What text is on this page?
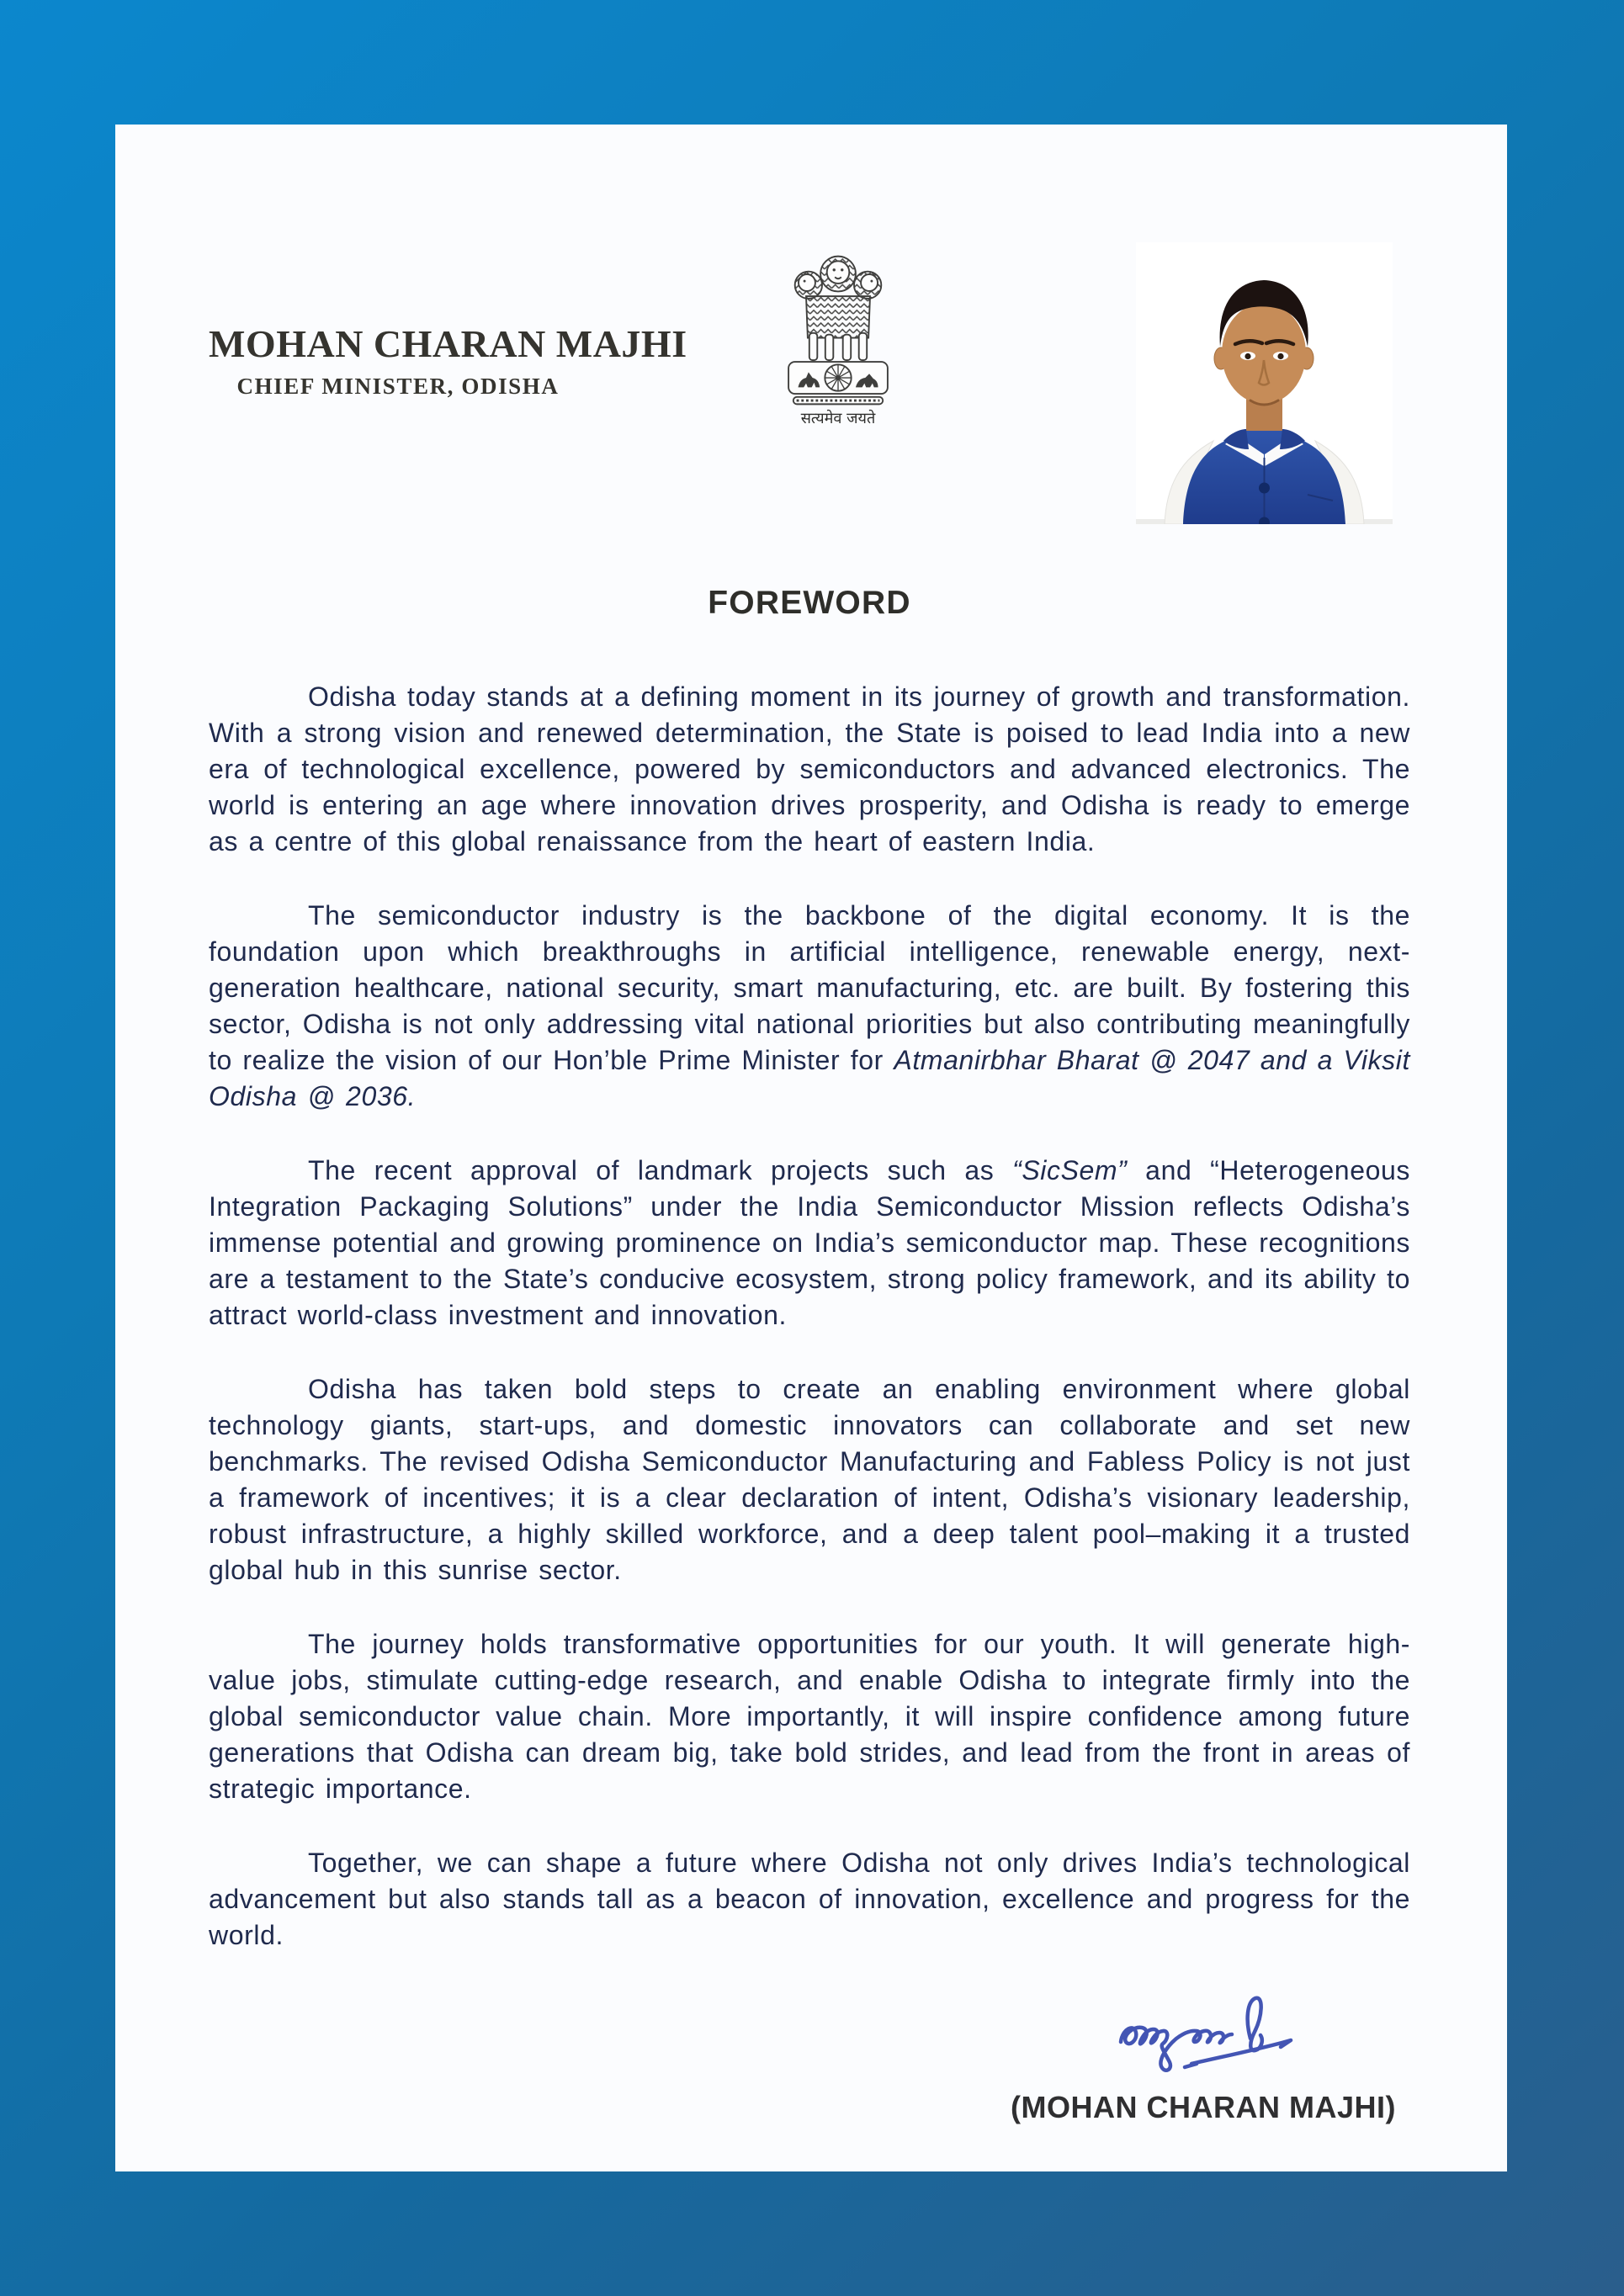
MOHAN CHARAN MAJHI
CHIEF MINISTER, ODISHA
सत्यमेव जयते
FOREWORD

Odisha today stands at a defining moment in its journey of growth and transformation. With a strong vision and renewed determination, the State is poised to lead India into a new era of technological excellence, powered by semiconductors and advanced electronics. The world is entering an age where innovation drives prosperity, and Odisha is ready to emerge as a centre of this global renaissance from the heart of eastern India.

The semiconductor industry is the backbone of the digital economy. It is the foundation upon which breakthroughs in artificial intelligence, renewable energy, next-generation healthcare, national security, smart manufacturing, etc. are built. By fostering this sector, Odisha is not only addressing vital national priorities but also contributing meaningfully to realize the vision of our Hon’ble Prime Minister for Atmanirbhar Bharat @ 2047 and a Viksit Odisha @ 2036.

The recent approval of landmark projects such as “SicSem” and “Heterogeneous Integration Packaging Solutions” under the India Semiconductor Mission reflects Odisha’s immense potential and growing prominence on India’s semiconductor map. These recognitions are a testament to the State’s conducive ecosystem, strong policy framework, and its ability to attract world-class investment and innovation.

Odisha has taken bold steps to create an enabling environment where global technology giants, start-ups, and domestic innovators can collaborate and set new benchmarks. The revised Odisha Semiconductor Manufacturing and Fabless Policy is not just a framework of incentives; it is a clear declaration of intent, Odisha’s visionary leadership, robust infrastructure, a highly skilled workforce, and a deep talent pool–making it a trusted global hub in this sunrise sector.

The journey holds transformative opportunities for our youth. It will generate high-value jobs, stimulate cutting-edge research, and enable Odisha to integrate firmly into the global semiconductor value chain. More importantly, it will inspire confidence among future generations that Odisha can dream big, take bold strides, and lead from the front in areas of strategic importance.

Together, we can shape a future where Odisha not only drives India’s technological advancement but also stands tall as a beacon of innovation, excellence and progress for the world.

(MOHAN CHARAN MAJHI)
